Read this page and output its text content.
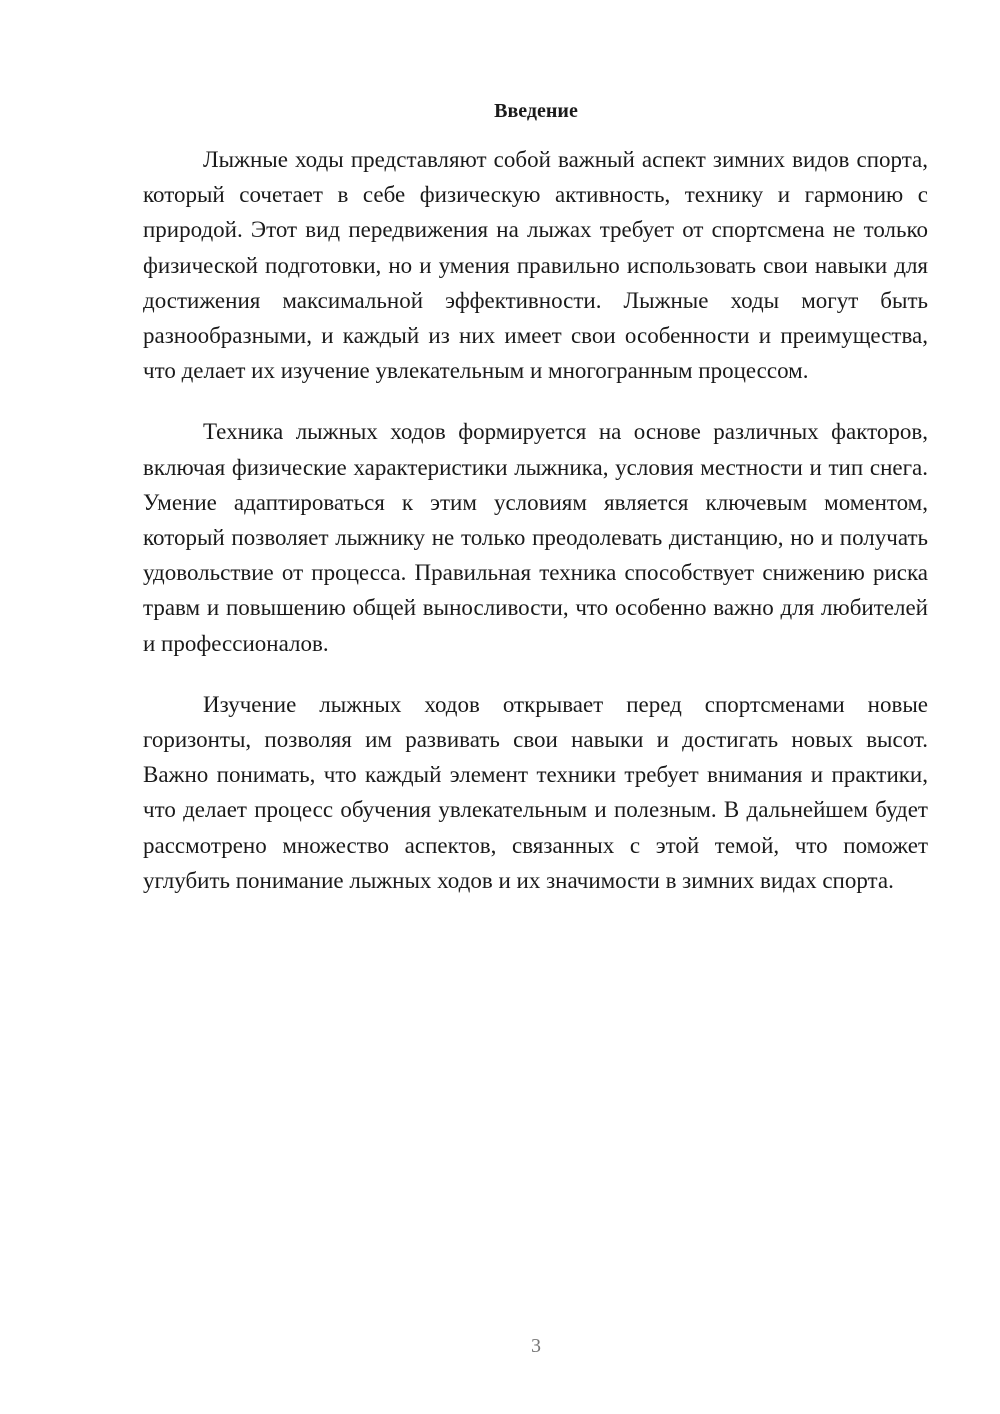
Введение

Лыжные ходы представляют собой важный аспект зимних видов спорта, который сочетает в себе физическую активность, технику и гармонию с природой. Этот вид передвижения на лыжах требует от спортсмена не только физической подготовки, но и умения правильно использовать свои навыки для достижения максимальной эффективности. Лыжные ходы могут быть разнообразными, и каждый из них имеет свои особенности и преимущества, что делает их изучение увлекательным и многогранным процессом.

Техника лыжных ходов формируется на основе различных факторов, включая физические характеристики лыжника, условия местности и тип снега. Умение адаптироваться к этим условиям является ключевым моментом, который позволяет лыжнику не только преодолевать дистанцию, но и получать удовольствие от процесса. Правильная техника способствует снижению риска травм и повышению общей выносливости, что особенно важно для любителей и профессионалов.

Изучение лыжных ходов открывает перед спортсменами новые горизонты, позволяя им развивать свои навыки и достигать новых высот. Важно понимать, что каждый элемент техники требует внимания и практики, что делает процесс обучения увлекательным и полезным. В дальнейшем будет рассмотрено множество аспектов, связанных с этой темой, что поможет углубить понимание лыжных ходов и их значимости в зимних видах спорта.

3
